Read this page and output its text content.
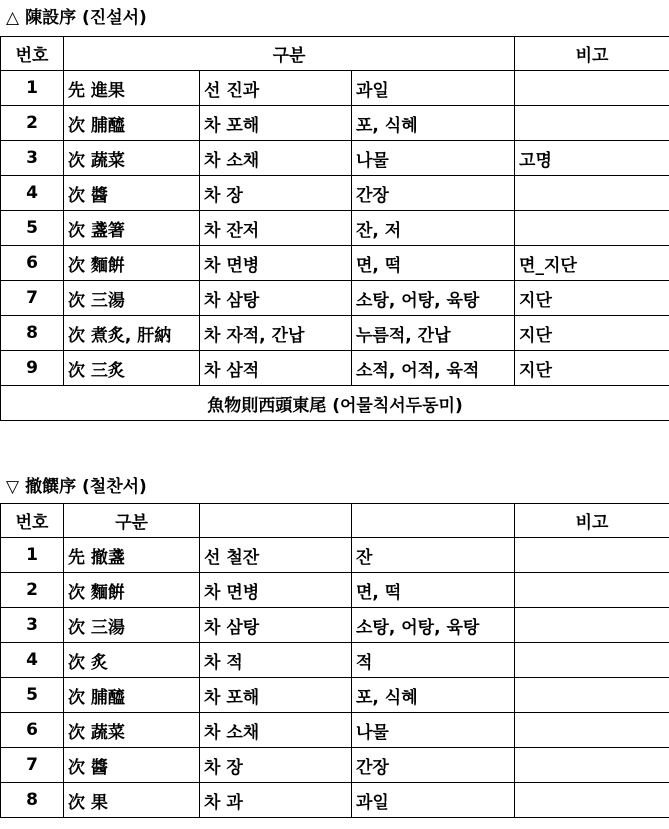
△ 陳設序 (진설서)
번호	구분			비고
1	先 進果	선 진과	과일	
2	次 脯醯	차 포해	포, 식혜	
3	次 蔬菜	차 소채	나물	고명
4	次 醬	차 장	간장	
5	次 盞箸	차 잔저	잔, 저	
6	次 麵餠	차 면병	면, 떡	면_지단
7	次 三湯	차 삼탕	소탕, 어탕, 육탕	지단
8	次 煮炙, 肝納	차 자적, 간납	누름적, 간납	지단
9	次 三炙	차 삼적	소적, 어적, 육적	지단
魚物則西頭東尾 (어물칙서두동미)				
▽ 撤饌序 (철찬서)
번호	구분			비고
1	先 撤盞	선 철잔	잔	
2	次 麵餠	차 면병	면, 떡	
3	次 三湯	차 삼탕	소탕, 어탕, 육탕	
4	次 炙	차 적	적	
5	次 脯醯	차 포해	포, 식혜	
6	次 蔬菜	차 소채	나물	
7	次 醬	차 장	간장	
8	次 果	차 과	과일	
